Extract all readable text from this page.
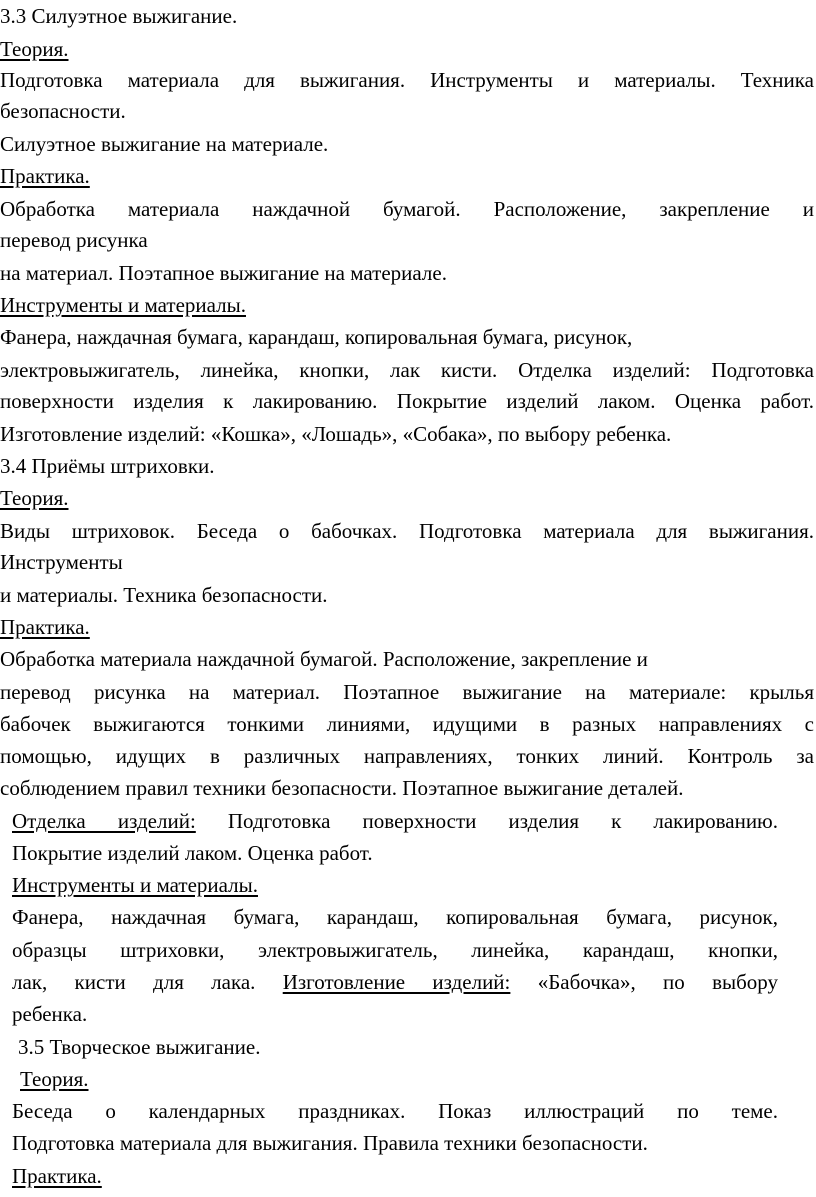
3.3 Силуэтное выжигание.

Теория.

Подготовка материала для выжигания. Инструменты и материалы. Техника

безопасности.

Силуэтное выжигание на материале.

Практика.

Обработка материала наждачной бумагой. Расположение, закрепление и

перевод рисунка

на материал. Поэтапное выжигание на материале.

Инструменты и материалы.

Фанера, наждачная бумага, карандаш, копировальная бумага, рисунок,

электровыжигатель, линейка, кнопки, лак кисти. Отделка изделий: Подготовка

поверхности изделия к лакированию. Покрытие изделий лаком. Оценка работ.

Изготовление изделий: «Кошка», «Лошадь», «Собака», по выбору ребенка.

3.4 Приёмы штриховки.

Теория.

Виды штриховок. Беседа о бабочках. Подготовка материала для выжигания.

Инструменты

и материалы. Техника безопасности.

Практика.

Обработка материала наждачной бумагой. Расположение, закрепление и

перевод рисунка на материал. Поэтапное выжигание на материале: крылья

бабочек выжигаются тонкими линиями, идущими в разных направлениях с

помощью, идущих в различных направлениях, тонких линий. Контроль за

соблюдением правил техники безопасности. Поэтапное выжигание деталей.

Отделка изделий: Подготовка поверхности изделия к лакированию.

Покрытие изделий лаком. Оценка работ.

Инструменты и материалы.

Фанера, наждачная бумага, карандаш, копировальная бумага, рисунок,

образцы штриховки, электровыжигатель, линейка, карандаш, кнопки,

лак, кисти для лака. Изготовление изделий: «Бабочка», по выбору

ребенка.

3.5 Творческое выжигание.

Теория.

Беседа о календарных праздниках. Показ иллюстраций по теме.

Подготовка материала для выжигания. Правила техники безопасности.

Практика.
